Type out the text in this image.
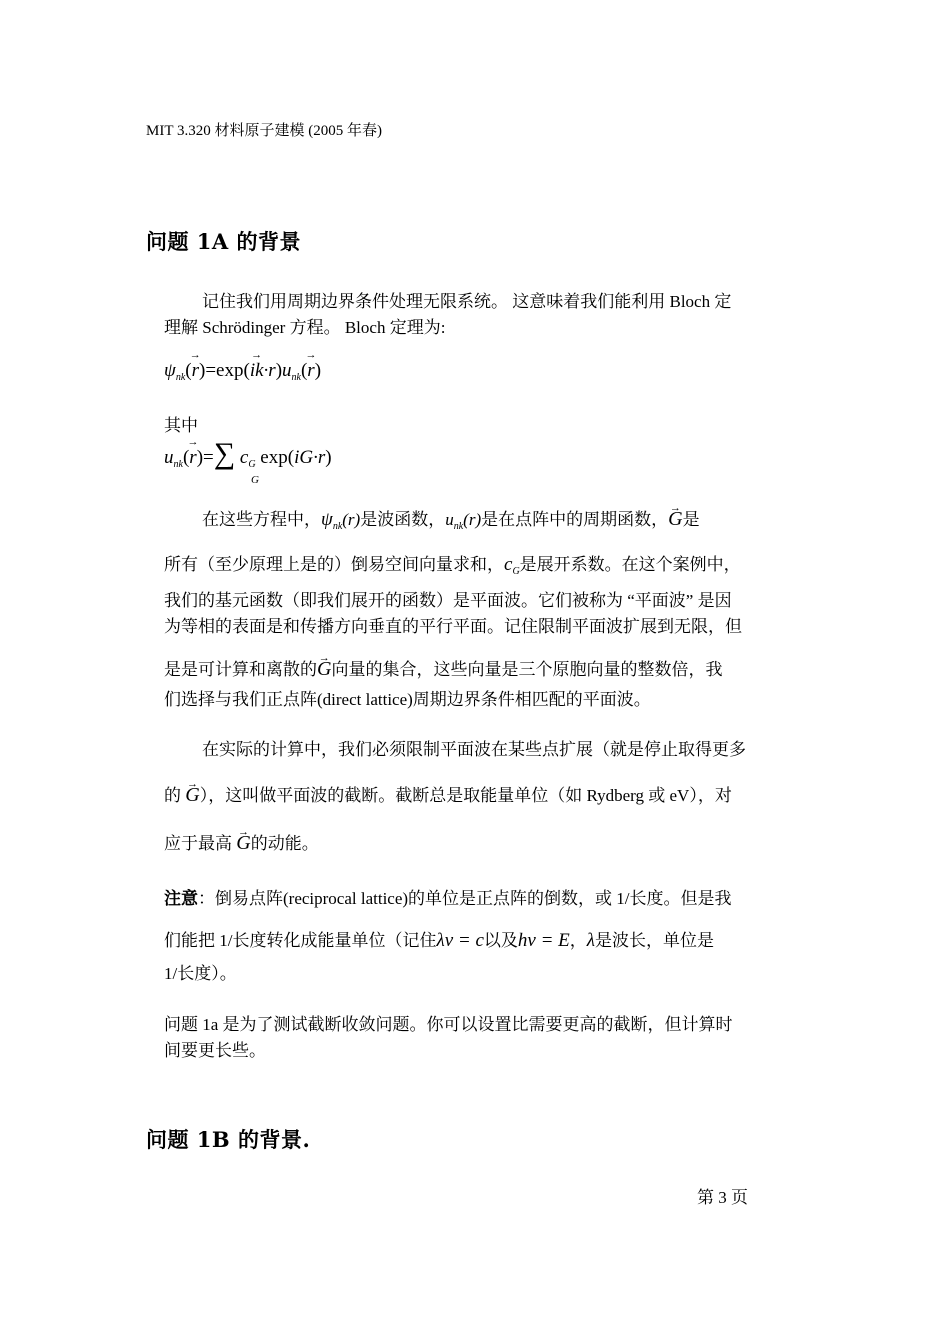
MIT 3.320 材料原子建模 (2005 年春)
问题 1A 的背景
记住我们用周期边界条件处理无限系统。 这意味着我们能利用 Bloch 定
理解 Schrödinger 方程。 Bloch 定理为:
$\psi_{nk}(\to r)=\exp(\to ik\cdot r)u_{nk}(\to r)$
其中
$u_{nk}(\to r)=\sum$ $c_G$ exp(iG·r)
G
在这些方程中，$\psi_{nk}(r)$是波函数，$u_{nk}(r)$是在点阵中的周期函数，→ G是
所有（至少原理上是的）倒易空间向量求和，$c_G$是展开系数。在这个案例中，
我们的基元函数（即我们展开的函数）是平面波。它们被称为 “平面波” 是因
为等相的表面是和传播方向垂直的平行平面。记住限制平面波扩展到无限，但
是是可计算和离散的→ G向量的集合，这些向量是三个原胞向量的整数倍，我
们选择与我们正点阵(direct lattice)周期边界条件相匹配的平面波。
在实际的计算中，我们必须限制平面波在某些点扩展（就是停止取得更多
的 → G），这叫做平面波的截断。截断总是取能量单位（如 Rydberg 或 eV），对
应于最高 → G的动能。
注意：倒易点阵(reciprocal lattice)的单位是正点阵的倒数，或 1/长度。但是我
们能把 1/长度转化成能量单位（记住λν = c以及hν = E，λ是波长，单位是
1/长度）。
问题 1a 是为了测试截断收敛问题。你可以设置比需要更高的截断，但计算时
间要更长些。
问题 1B 的背景.
第 3 页
